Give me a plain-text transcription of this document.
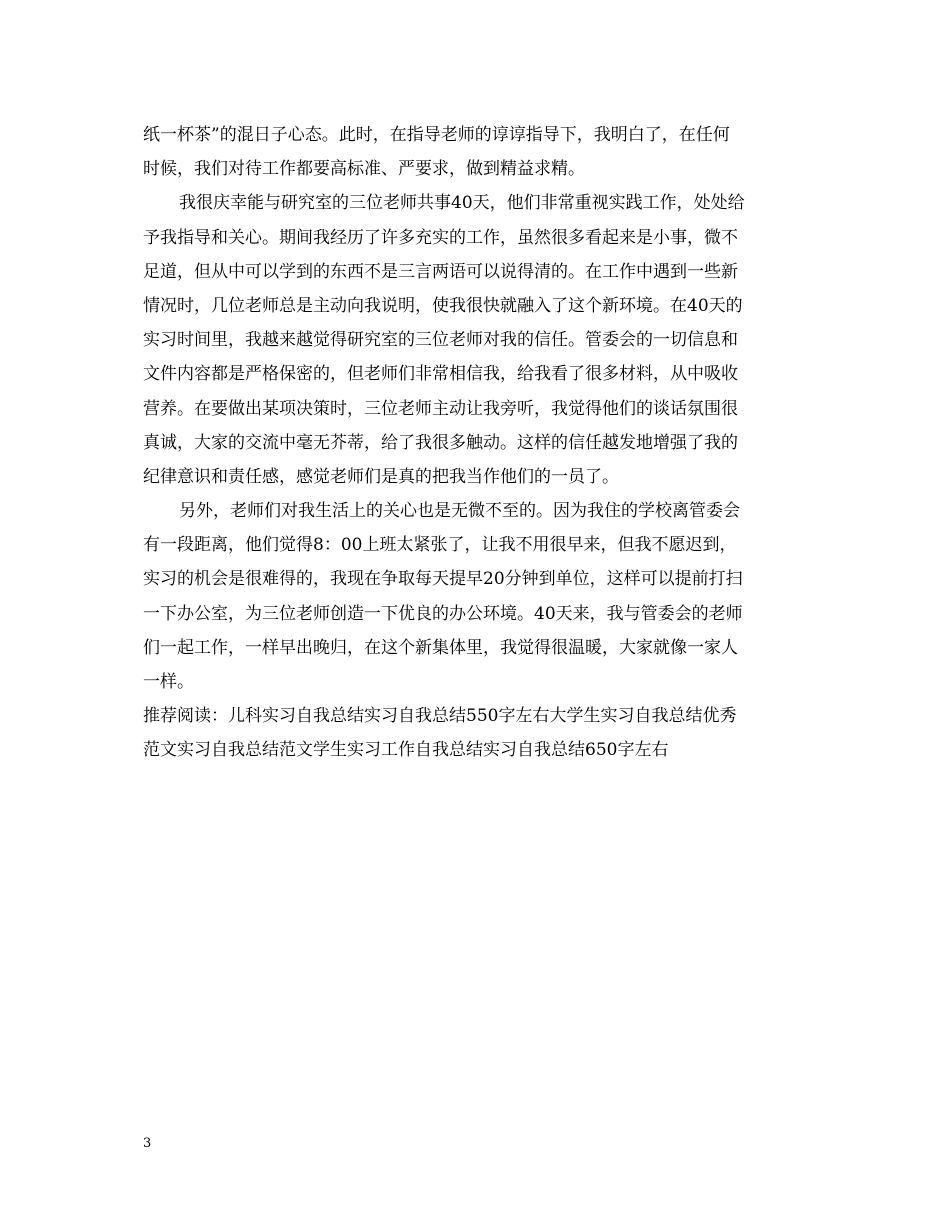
纸一杯茶”的混日子心态。此时，在指导老师的谆谆指导下，我明白了，在任何
时候，我们对待工作都要高标准、严要求，做到精益求精。
我很庆幸能与研究室的三位老师共事40天，他们非常重视实践工作，处处给
予我指导和关心。期间我经历了许多充实的工作，虽然很多看起来是小事，微不
足道，但从中可以学到的东西不是三言两语可以说得清的。在工作中遇到一些新
情况时，几位老师总是主动向我说明，使我很快就融入了这个新环境。在40天的
实习时间里，我越来越觉得研究室的三位老师对我的信任。管委会的一切信息和
文件内容都是严格保密的，但老师们非常相信我，给我看了很多材料，从中吸收
营养。在要做出某项决策时，三位老师主动让我旁听，我觉得他们的谈话氛围很
真诚，大家的交流中毫无芥蒂，给了我很多触动。这样的信任越发地增强了我的
纪律意识和责任感，感觉老师们是真的把我当作他们的一员了。
另外，老师们对我生活上的关心也是无微不至的。因为我住的学校离管委会
有一段距离，他们觉得8：00上班太紧张了，让我不用很早来，但我不愿迟到，
实习的机会是很难得的，我现在争取每天提早20分钟到单位，这样可以提前打扫
一下办公室，为三位老师创造一下优良的办公环境。40天来，我与管委会的老师
们一起工作，一样早出晚归，在这个新集体里，我觉得很温暖，大家就像一家人
一样。
推荐阅读：儿科实习自我总结实习自我总结550字左右大学生实习自我总结优秀
范文实习自我总结范文学生实习工作自我总结实习自我总结650字左右
3
